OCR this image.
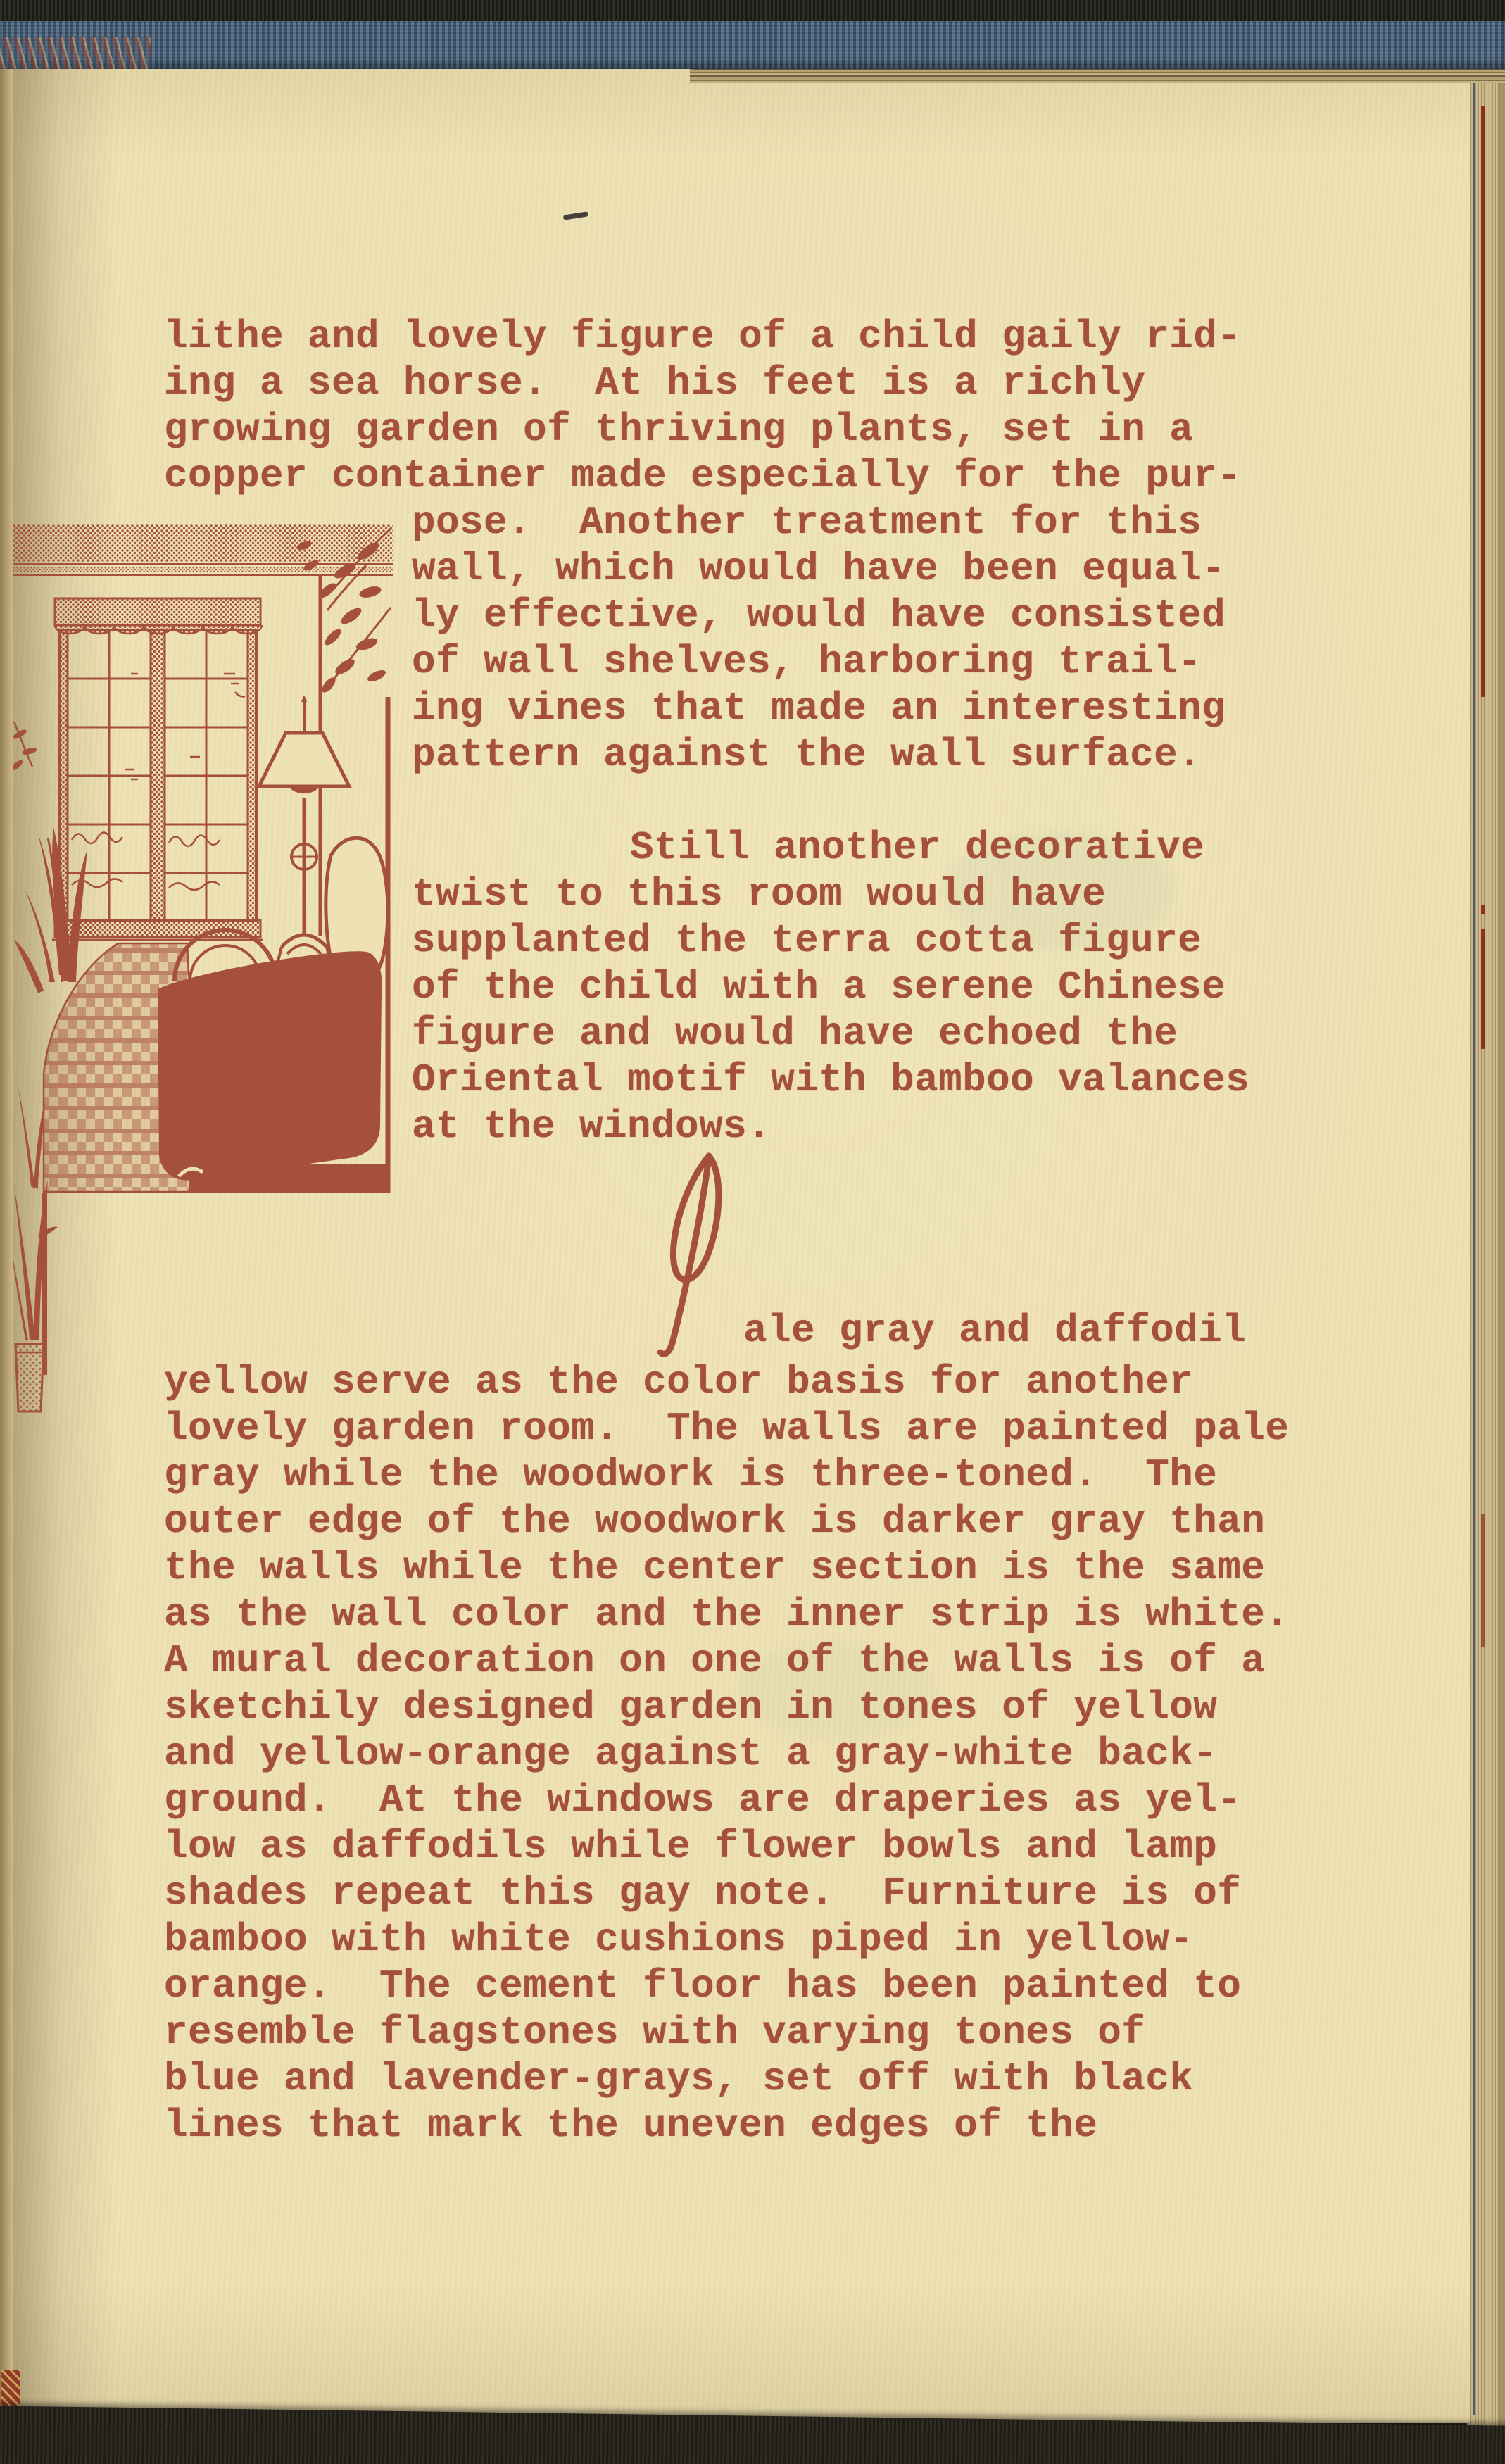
lithe and lovely figure of a child gaily rid-
ing a sea horse.  At his feet is a richly
growing garden of thriving plants, set in a
copper container made especially for the pur-
pose.  Another treatment for this
wall, which would have been equal-
ly effective, would have consisted
of wall shelves, harboring trail-
ing vines that made an interesting
pattern against the wall surface.
Still another decorative
twist to this room would have
supplanted the terra cotta figure
of the child with a serene Chinese
figure and would have echoed the
Oriental motif with bamboo valances
at the windows.
ale gray and daffodil
yellow serve as the color basis for another
lovely garden room.  The walls are painted pale
gray while the woodwork is three-toned.  The
outer edge of the woodwork is darker gray than
the walls while the center section is the same
as the wall color and the inner strip is white.
A mural decoration on one of the walls is of a
sketchily designed garden in tones of yellow
and yellow-orange against a gray-white back-
ground.  At the windows are draperies as yel-
low as daffodils while flower bowls and lamp
shades repeat this gay note.  Furniture is of
bamboo with white cushions piped in yellow-
orange.  The cement floor has been painted to
resemble flagstones with varying tones of
blue and lavender-grays, set off with black
lines that mark the uneven edges of the
